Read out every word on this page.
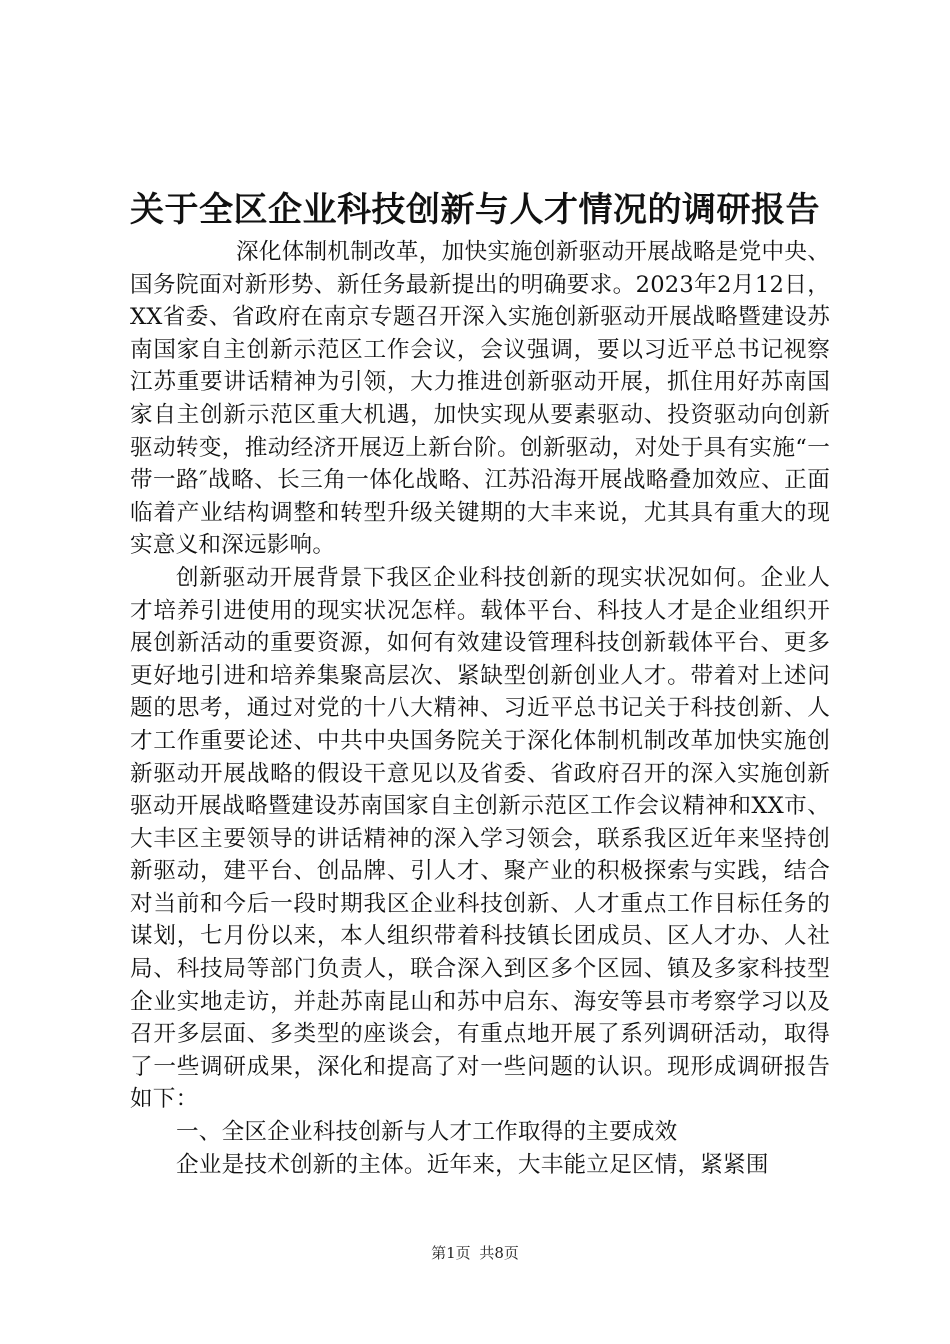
关于全区企业科技创新与人才情况的调研报告

深化体制机制改革，加快实施创新驱动开展战略是党中央、国务院面对新形势、新任务最新提出的明确要求。2023年2月12日，XX省委、省政府在南京专题召开深入实施创新驱动开展战略暨建设苏南国家自主创新示范区工作会议，会议强调，要以习近平总书记视察江苏重要讲话精神为引领，大力推进创新驱动开展，抓住用好苏南国家自主创新示范区重大机遇，加快实现从要素驱动、投资驱动向创新驱动转变，推动经济开展迈上新台阶。创新驱动，对处于具有实施“一带一路″战略、长三角一体化战略、江苏沿海开展战略叠加效应、正面临着产业结构调整和转型升级关键期的大丰来说，尤其具有重大的现实意义和深远影响。

创新驱动开展背景下我区企业科技创新的现实状况如何。企业人才培养引进使用的现实状况怎样。载体平台、科技人才是企业组织开展创新活动的重要资源，如何有效建设管理科技创新载体平台、更多更好地引进和培养集聚高层次、紧缺型创新创业人才。带着对上述问题的思考，通过对党的十八大精神、习近平总书记关于科技创新、人才工作重要论述、中共中央国务院关于深化体制机制改革加快实施创新驱动开展战略的假设干意见以及省委、省政府召开的深入实施创新驱动开展战略暨建设苏南国家自主创新示范区工作会议精神和XX市、大丰区主要领导的讲话精神的深入学习领会，联系我区近年来坚持创新驱动，建平台、创品牌、引人才、聚产业的积极探索与实践，结合对当前和今后一段时期我区企业科技创新、人才重点工作目标任务的谋划，七月份以来，本人组织带着科技镇长团成员、区人才办、人社局、科技局等部门负责人，联合深入到区多个区园、镇及多家科技型企业实地走访，并赴苏南昆山和苏中启东、海安等县市考察学习以及召开多层面、多类型的座谈会，有重点地开展了系列调研活动，取得了一些调研成果，深化和提高了对一些问题的认识。现形成调研报告如下：

一、全区企业科技创新与人才工作取得的主要成效

企业是技术创新的主体。近年来，大丰能立足区情，紧紧围

第1页 共8页
